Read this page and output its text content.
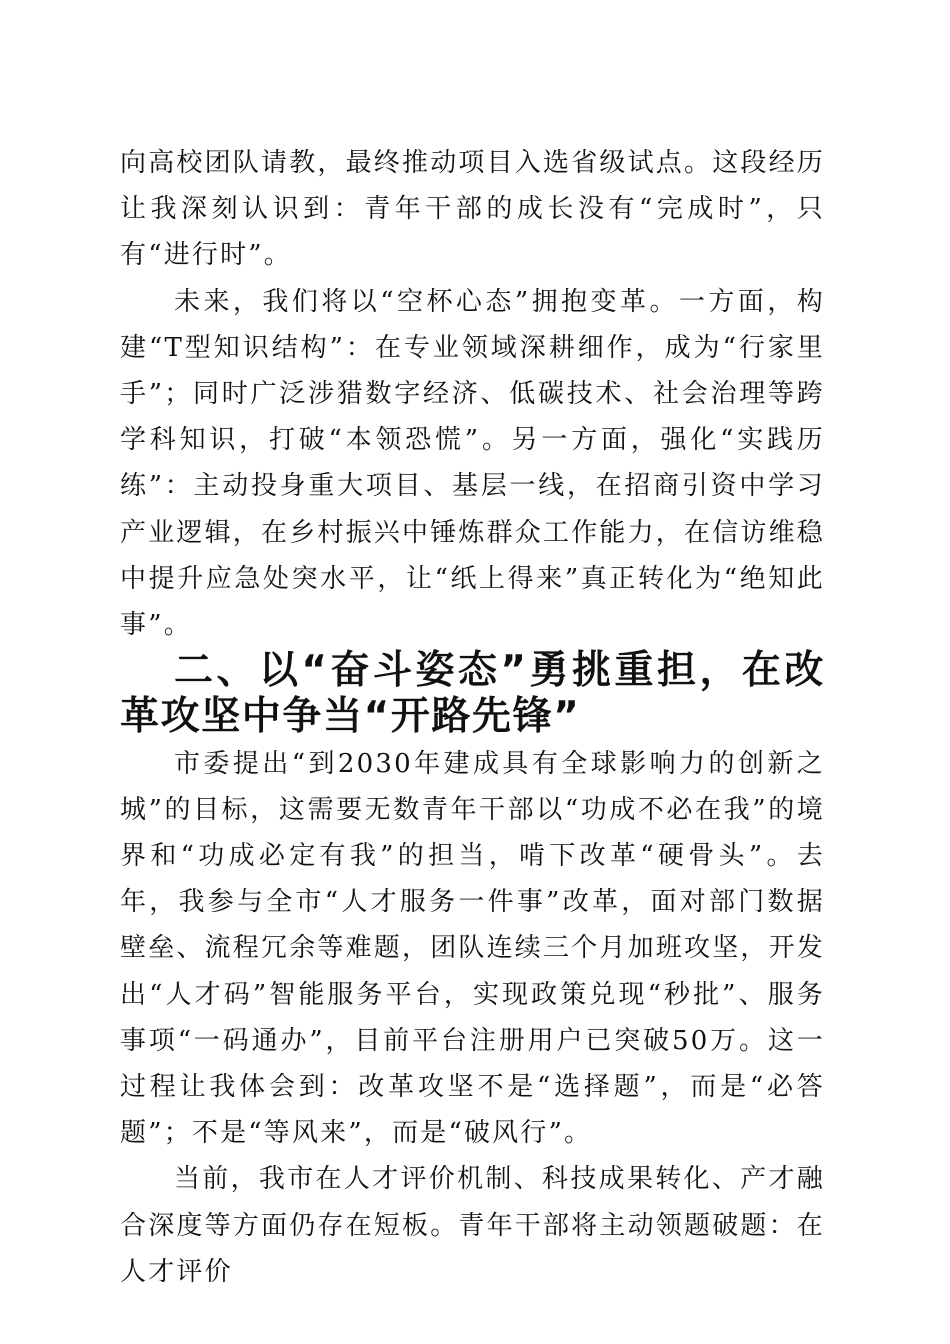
向高校团队请教，最终推动项目入选省级试点。这段经历让我深刻认识到：青年干部的成长没有“完成时”，只有“进行时”。

未来，我们将以“空杯心态”拥抱变革。一方面，构建“T型知识结构”：在专业领域深耕细作，成为“行家里手”；同时广泛涉猎数字经济、低碳技术、社会治理等跨学科知识，打破“本领恐慌”。另一方面，强化“实践历练”：主动投身重大项目、基层一线，在招商引资中学习产业逻辑，在乡村振兴中锤炼群众工作能力，在信访维稳中提升应急处突水平，让“纸上得来”真正转化为“绝知此事”。

二、以“奋斗姿态”勇挑重担，在改革攻坚中争当“开路先锋”

市委提出“到2030年建成具有全球影响力的创新之城”的目标，这需要无数青年干部以“功成不必在我”的境界和“功成必定有我”的担当，啃下改革“硬骨头”。去年，我参与全市“人才服务一件事”改革，面对部门数据壁垒、流程冗余等难题，团队连续三个月加班攻坚，开发出“人才码”智能服务平台，实现政策兑现“秒批”、服务事项“一码通办”，目前平台注册用户已突破50万。这一过程让我体会到：改革攻坚不是“选择题”，而是“必答题”；不是“等风来”，而是“破风行”。

当前，我市在人才评价机制、科技成果转化、产才融合深度等方面仍存在短板。青年干部将主动领题破题：在人才评价
